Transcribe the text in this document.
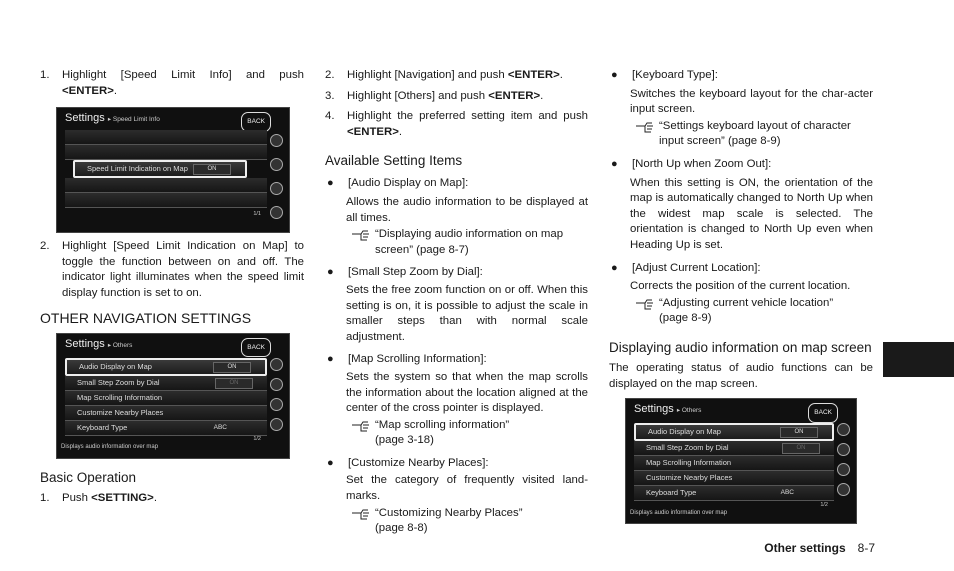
1.	Highlight [Speed Limit Info] and push <ENTER>.
Settings ▸ Speed Limit Info	BACK
Speed Limit Indication on Map	ON
1/1
2.	Highlight [Speed Limit Indication on Map] to toggle the function between on and off. The indicator light illuminates when the speed limit display function is set to on.
OTHER NAVIGATION SETTINGS
Settings ▸ Others	BACK
Audio Display on Map	ON
Small Step Zoom by Dial	ON
Map Scrolling Information
Customize Nearby Places
Keyboard Type	ABC
1/2
Displays audio information over map
Basic Operation
1.	Push <SETTING>.
2.	Highlight [Navigation] and push <ENTER>.
3.	Highlight [Others] and push <ENTER>.
4.	Highlight the preferred setting item and push <ENTER>.
Available Setting Items
●	[Audio Display on Map]:
Allows the audio information to be displayed at all times.
“Displaying audio information on map
screen” (page 8-7)
●	[Small Step Zoom by Dial]:
Sets the free zoom function on or off. When this setting is on, it is possible to adjust the scale in smaller steps than with normal scale adjustment.
●	[Map Scrolling Information]:
Sets the system so that when the map scrolls the information about the location aligned at the center of the cross pointer is displayed.
“Map scrolling information”
(page 3-18)
●	[Customize Nearby Places]:
Set the category of frequently visited land-marks.
“Customizing Nearby Places”
(page 8-8)
●	[Keyboard Type]:
Switches the keyboard layout for the char-acter input screen.
“Settings keyboard layout of character
input screen” (page 8-9)
●	[North Up when Zoom Out]:
When this setting is ON, the orientation of the map is automatically changed to North Up when the widest map scale is selected. The orientation is changed to North Up even when Heading Up is set.
●	[Adjust Current Location]:
Corrects the position of the current location.
“Adjusting current vehicle location”
(page 8-9)
Displaying audio information on map screen
The operating status of audio functions can be displayed on the map screen.
Settings ▸ Others	BACK
Audio Display on Map	ON
Small Step Zoom by Dial	ON
Map Scrolling Information
Customize Nearby Places
Keyboard Type	ABC
1/2
Displays audio information over map
Other settings 8-7
